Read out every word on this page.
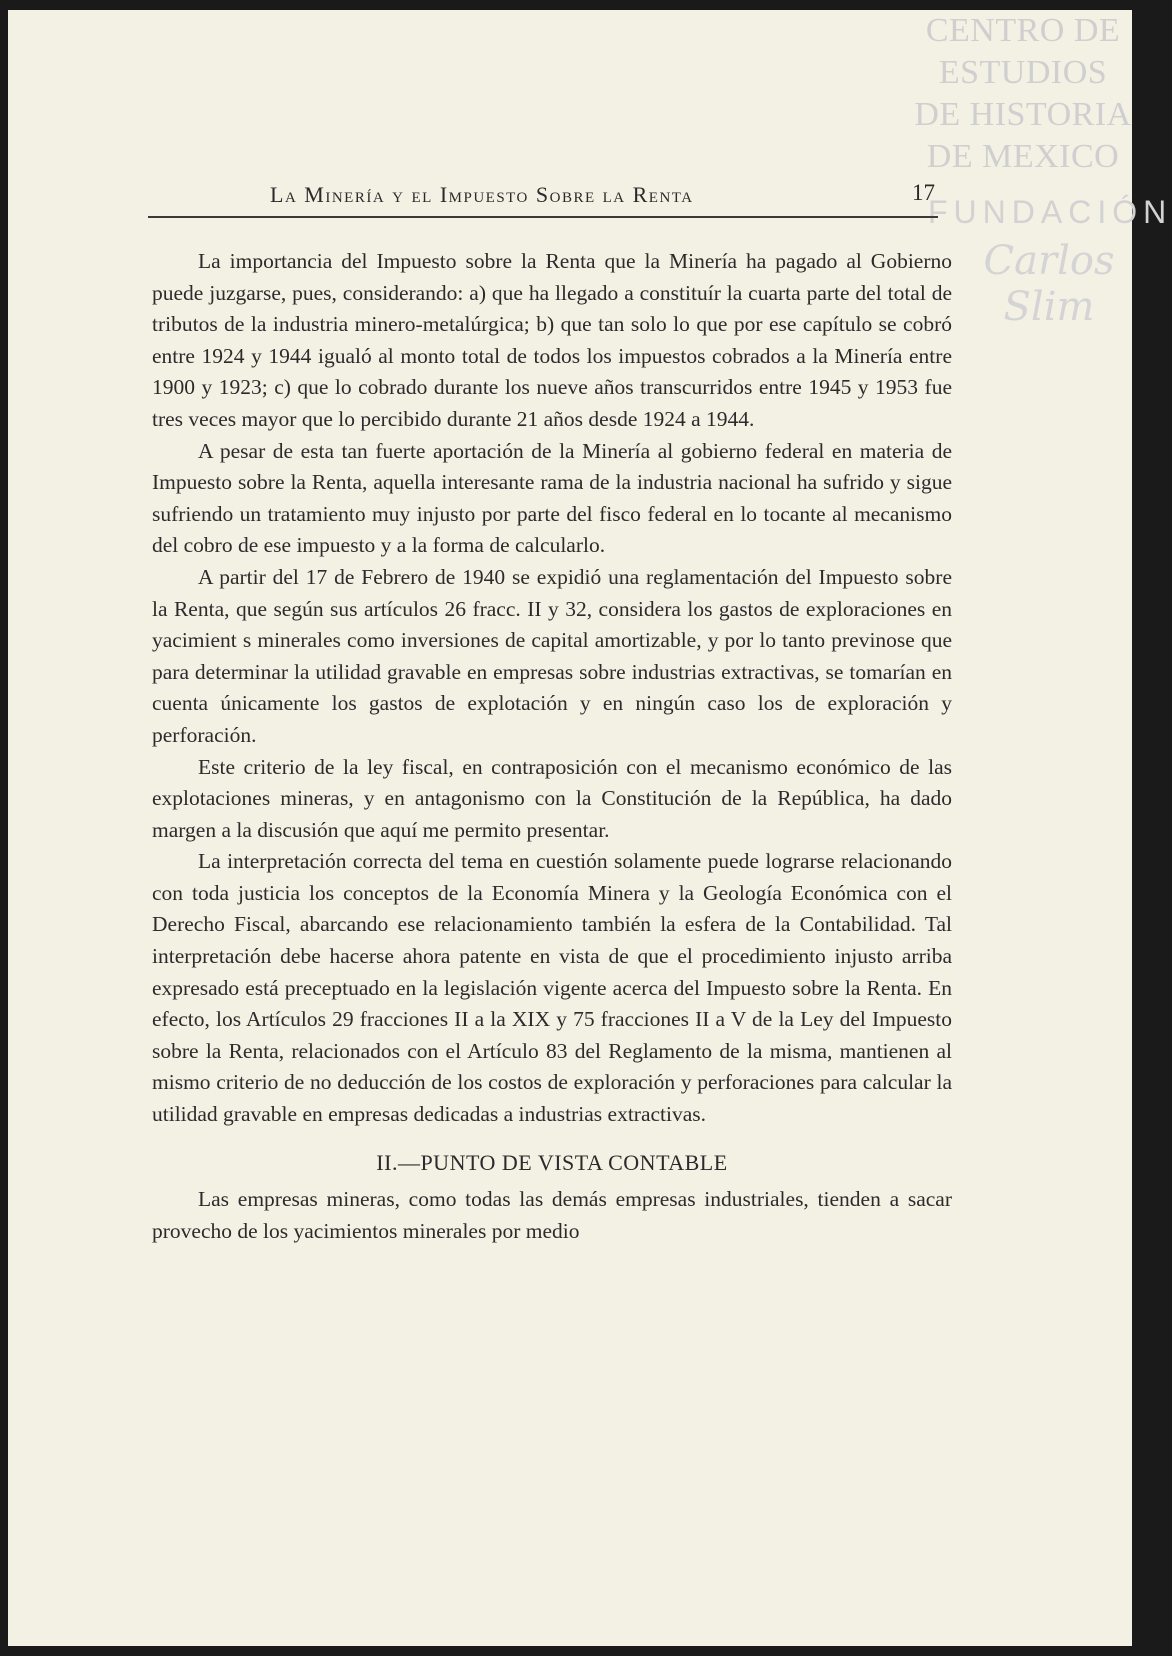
CENTRO DE
ESTUDIOS
DE HISTORIA
DE MEXICO
FUNDACIÓN
Carlos Slim
La Minería y el Impuesto Sobre la Renta	17

La importancia del Impuesto sobre la Renta que la Minería ha pagado al Gobierno puede juzgarse, pues, considerando: a) que ha llegado a constituír la cuarta parte del total de tributos de la industria minero-metalúrgica; b) que tan solo lo que por ese capítulo se cobró entre 1924 y 1944 igualó al monto total de todos los impuestos cobrados a la Minería entre 1900 y 1923; c) que lo cobrado durante los nueve años transcurridos entre 1945 y 1953 fue tres veces mayor que lo percibido durante 21 años desde 1924 a 1944.

A pesar de esta tan fuerte aportación de la Minería al gobierno federal en materia de Impuesto sobre la Renta, aquella interesante rama de la industria nacional ha sufrido y sigue sufriendo un tratamiento muy injusto por parte del fisco federal en lo tocante al mecanismo del cobro de ese impuesto y a la forma de calcularlo.

A partir del 17 de Febrero de 1940 se expidió una reglamentación del Impuesto sobre la Renta, que según sus artículos 26 fracc. II y 32, considera los gastos de exploraciones en yacimient s minerales como inversiones de capital amortizable, y por lo tanto previnose que para determinar la utilidad gravable en empresas sobre industrias extractivas, se tomarían en cuenta únicamente los gastos de explotación y en ningún caso los de exploración y perforación.

Este criterio de la ley fiscal, en contraposición con el mecanismo económico de las explotaciones mineras, y en antagonismo con la Constitución de la República, ha dado margen a la discusión que aquí me permito presentar.

La interpretación correcta del tema en cuestión solamente puede lograrse relacionando con toda justicia los conceptos de la Economía Minera y la Geología Económica con el Derecho Fiscal, abarcando ese relacionamiento también la esfera de la Contabilidad. Tal interpretación debe hacerse ahora patente en vista de que el procedimiento injusto arriba expresado está preceptuado en la legislación vigente acerca del Impuesto sobre la Renta. En efecto, los Artículos 29 fracciones II a la XIX y 75 fracciones II a V de la Ley del Impuesto sobre la Renta, relacionados con el Artículo 83 del Reglamento de la misma, mantienen al mismo criterio de no deducción de los costos de exploración y perforaciones para calcular la utilidad gravable en empresas dedicadas a industrias extractivas.

II.—PUNTO DE VISTA CONTABLE

Las empresas mineras, como todas las demás empresas industriales, tienden a sacar provecho de los yacimientos minerales por medio
